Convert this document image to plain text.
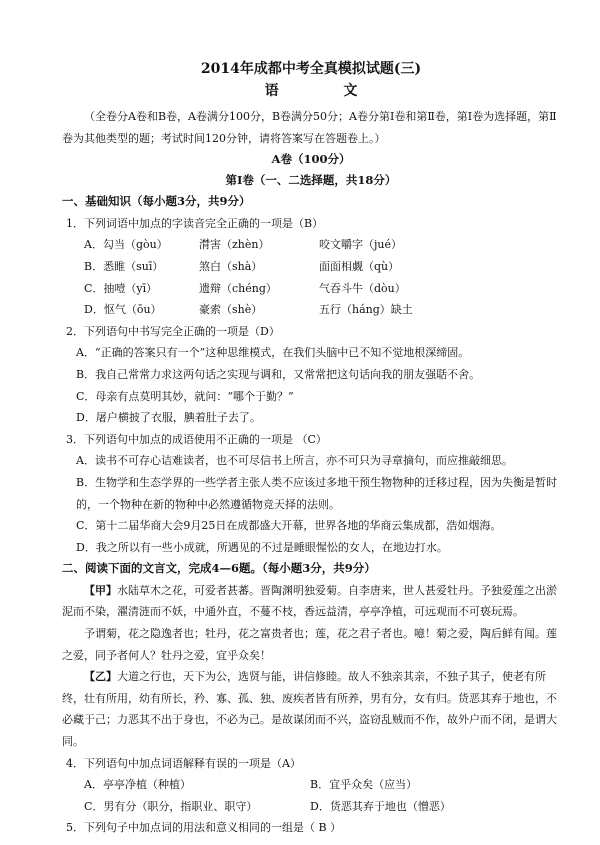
2014年成都中考全真模拟试题(三)

语 文

（全卷分A卷和B卷，A卷满分100分，B卷满分50分；A卷分第Ⅰ卷和第Ⅱ卷，第Ⅰ卷为选择题，第Ⅱ卷为其他类型的题；考试时间120分钟，请将答案写在答题卷上。）

A卷（100分）

第Ⅰ卷（一、二选择题，共18分）

一、基础知识（每小题3分，共9分）

1．下列词语中加点的字读音完全正确的一项是（B）

A．勾当（gòu）	潸害（zhèn）	咬文嚼字（jué）
B．悉睢（suī）	煞白（shà）	面面相觑（qù）
C．抽噎（yī）	遗辩（chéng）	气吞斗牛（dòu）
D．怄气（ōu）	豪索（shè）	五行（háng）缺土

2．下列语句中书写完全正确的一项是（D）

A．“正确的答案只有一个”这种思维模式，在我们头脑中已不知不觉地根深缔固。

B．我自己常常力求这两句话之实现与调和，又常常把这句话向我的朋友强聒不舍。

C．母亲有点莫明其妙，就问：“哪个于勤？”

D．屠户横披了衣服，腆着肚子去了。

3．下列语句中加点的成语使用不正确的一项是 （C）

A．读书不可存心诘难读者，也不可尽信书上所言，亦不可只为寻章摘句，而应推敲细思。

B．生物学和生态学界的一些学者主张人类不应该过多地干预生物物种的迁移过程，因为失衡是暂时的，一个物种在新的物种中必然遵循物竞天择的法则。

C．第十二届华商大会9月25日在成都盛大开幕，世界各地的华商云集成都，浩如烟海。

D．我之所以有一些小成就，所遇见的不过是睡眼惺忪的女人，在地边打水。

二、阅读下面的文言文，完成4—6题。（每小题3分，共9分）

【甲】水陆草木之花，可爱者甚蕃。晋陶渊明独爱菊。自李唐来，世人甚爱牡丹。予独爱莲之出淤泥而不染，濯清涟而不妖，中通外直，不蔓不枝，香远益清，亭亭净植，可远观而不可亵玩焉。

予谓菊，花之隐逸者也；牡丹，花之富贵者也；莲，花之君子者也。噫！菊之爱，陶后鲜有闻。莲之爱，同予者何人？牡丹之爱，宜乎众矣！

【乙】大道之行也，天下为公，选贤与能，讲信修睦。故人不独亲其亲，不独子其子，使老有所终，壮有所用，幼有所长，矜、寡、孤、独、废疾者皆有所养，男有分，女有归。货恶其弃于地也，不必藏于己；力恶其不出于身也，不必为己。是故谋闭而不兴，盗窃乱贼而不作，故外户而不闭，是谓大同。

4．下列语句中加点词语解释有误的一项是（A）

A．亭亭净植（种植）	B．宜乎众矣（应当）
C．男有分（职分，指职业、职守）	D．货恶其弃于地也（憎恶）

5．下列句子中加点词的用法和意义相同的一组是（ B ）
